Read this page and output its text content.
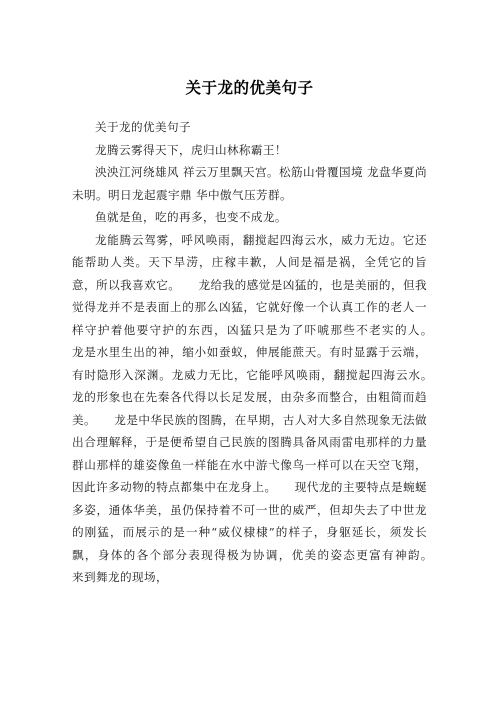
关于龙的优美句子

关于龙的优美句子

龙腾云雾得天下，虎归山林称霸王！

泱泱江河绕雄风 祥云万里飘天宫。松筋山骨覆国境 龙盘华夏尚未明。明日龙起震宇鼎 华中傲气压芳群。

鱼就是鱼，吃的再多，也变不成龙。

龙能腾云驾雾，呼风唤雨，翻搅起四海云水，威力无边。它还能帮助人类。天下旱涝，庄稼丰歉，人间是福是祸，全凭它的旨意，所以我喜欢它。　　龙给我的感觉是凶猛的，也是美丽的，但我觉得龙并不是表面上的那么凶猛，它就好像一个认真工作的老人一样守护着他要守护的东西，凶猛只是为了吓唬那些不老实的人。　　龙是水里生出的神，缩小如蚕蚁，伸展能蔗天。有时显露于云端，有时隐形入深渊。龙威力无比，它能呼风唤雨，翻搅起四海云水。　　龙的形象也在先秦各代得以长足发展，由杂多而整合，由粗简而趋美。　　龙是中华民族的图腾，在早期，古人对大多自然现象无法做出合理解释，于是便希望自己民族的图腾具备风雨雷电那样的力量群山那样的雄姿像鱼一样能在水中游弋像鸟一样可以在天空飞翔，因此许多动物的特点都集中在龙身上。　　现代龙的主要特点是蜿蜒多姿，通体华美，虽仍保持着不可一世的威严，但却失去了中世龙的刚猛，而展示的是一种“威仪棣棣”的样子，身躯延长，须发长飘，身体的各个部分表现得极为协调，优美的姿态更富有神韵。　　来到舞龙的现场，
